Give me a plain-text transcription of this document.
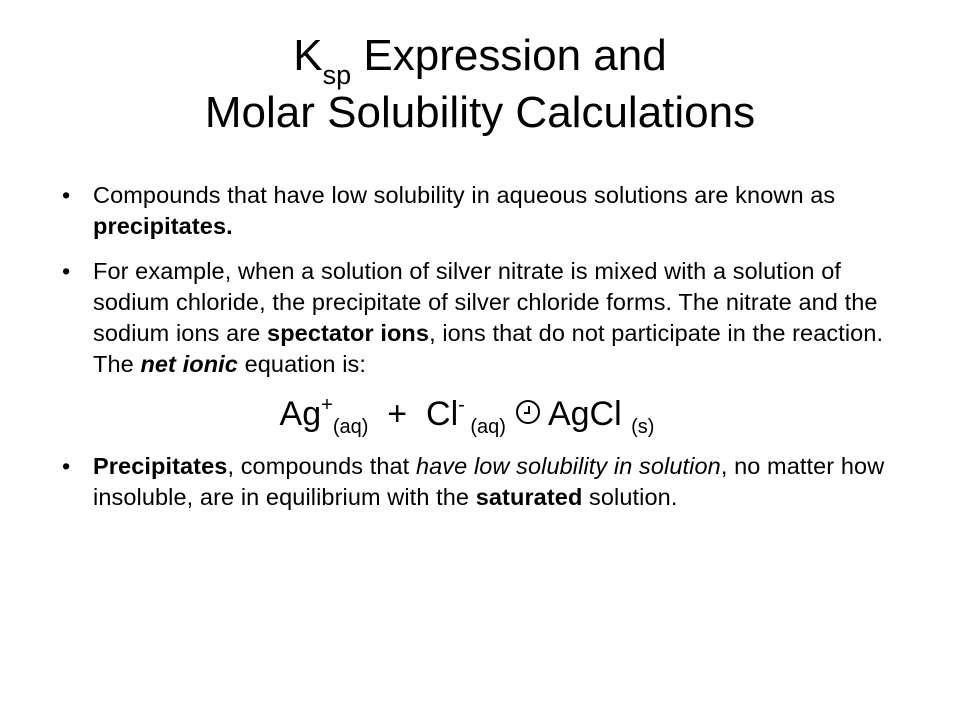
$K_{sp}$ Expression and
Molar Solubility Calculations
• Compounds that have low solubility in aqueous solutions are known as precipitates.
• For example, when a solution of silver nitrate is mixed with a solution of sodium chloride, the precipitate of silver chloride forms. The nitrate and the sodium ions are spectator ions, ions that do not participate in the reaction. The net ionic equation is:
$Ag^+_{(aq)} + Cl^-$ $_{(aq)}$ AgCl $_{(s)}$
• Precipitates, compounds that have low solubility in solution, no matter how insoluble, are in equilibrium with the saturated solution.
